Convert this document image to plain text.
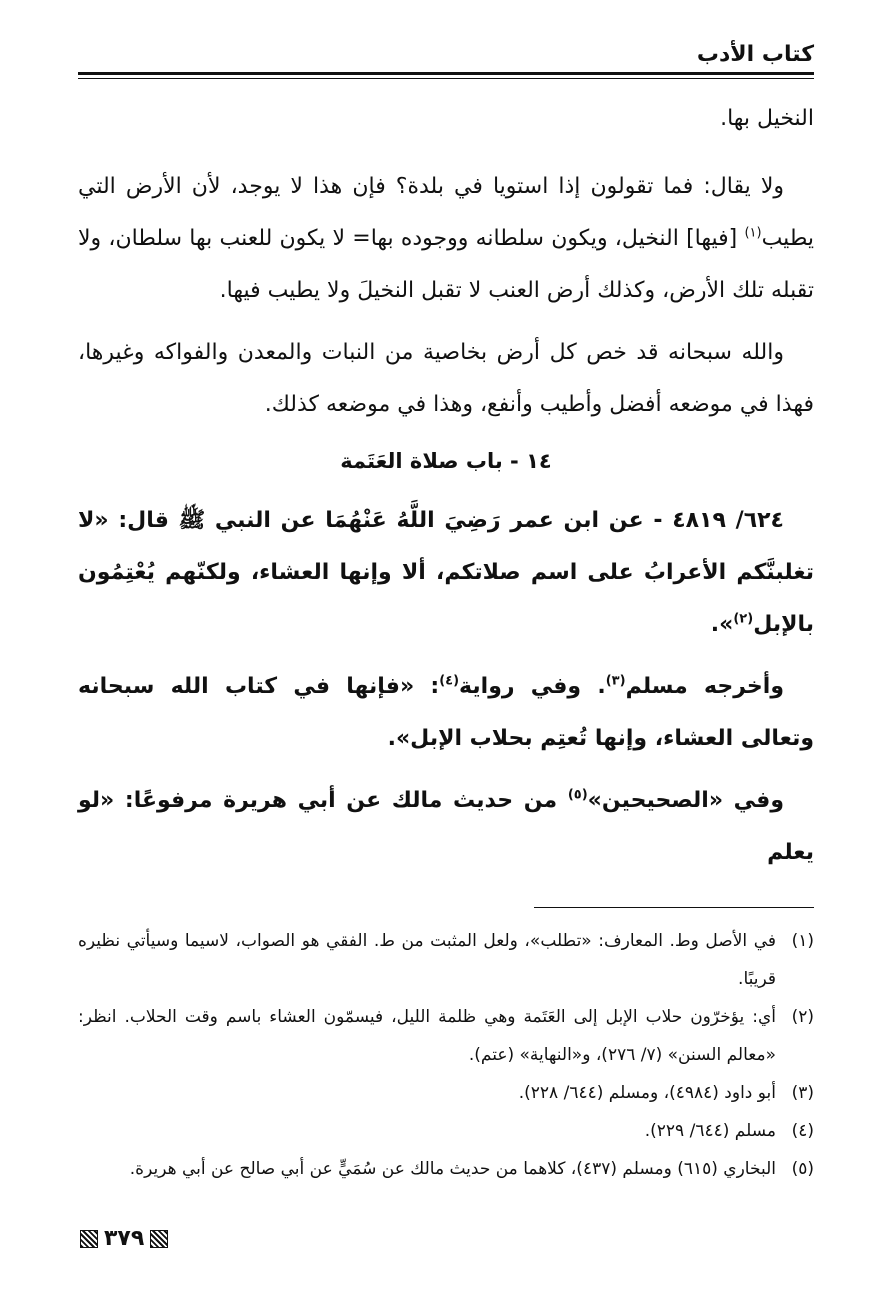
كتاب الأدب

النخيل بها.

ولا يقال: فما تقولون إذا استويا في بلدة؟ فإن هذا لا يوجد، لأن الأرض التي يطيب$^{(١)}$ [فيها] النخيل، ويكون سلطانه ووجوده بها= لا يكون للعنب بها سلطان، ولا تقبله تلك الأرض، وكذلك أرض العنب لا تقبل النخيلَ ولا يطيب فيها.

والله سبحانه قد خص كل أرض بخاصية من النبات والمعدن والفواكه وغيرها، فهذا في موضعه أفضل وأطيب وأنفع، وهذا في موضعه كذلك.

١٤ - باب صلاة العَتَمة

٦٢٤/ ٤٨١٩ - عن ابن عمر رَضِيَ اللَّهُ عَنْهُمَا عن النبي ﷺ قال: «لا تغلبنَّكم الأعرابُ على اسم صلاتكم، ألا وإنها العشاء، ولكنّهم يُعْتِمُون بالإبل$^{(٢)}$».

وأخرجه مسلم$^{(٣)}$. وفي رواية$^{(٤)}$: «فإنها في كتاب الله سبحانه وتعالى العشاء، وإنها تُعتِم بحلاب الإبل».

وفي «الصحيحين»$^{(٥)}$ من حديث مالك عن أبي هريرة مرفوعًا: «لو يعلم

(١)
في الأصل وط. المعارف: «تطلب»، ولعل المثبت من ط. الفقي هو الصواب، لاسيما وسيأتي نظيره قريبًا.
(٢)
أي: يؤخرّون حلاب الإبل إلى العَتَمة وهي ظلمة الليل، فيسمّون العشاء باسم وقت الحلاب. انظر: «معالم السنن» (٧/ ٢٧٦)، و«النهاية» (عتم).
(٣)
أبو داود (٤٩٨٤)، ومسلم (٦٤٤/ ٢٢٨).
(٤)
مسلم (٦٤٤/ ٢٢٩).
(٥)
البخاري (٦١٥) ومسلم (٤٣٧)، كلاهما من حديث مالك عن سُمَيٍّ عن أبي صالح عن أبي هريرة.
٣٧٩
